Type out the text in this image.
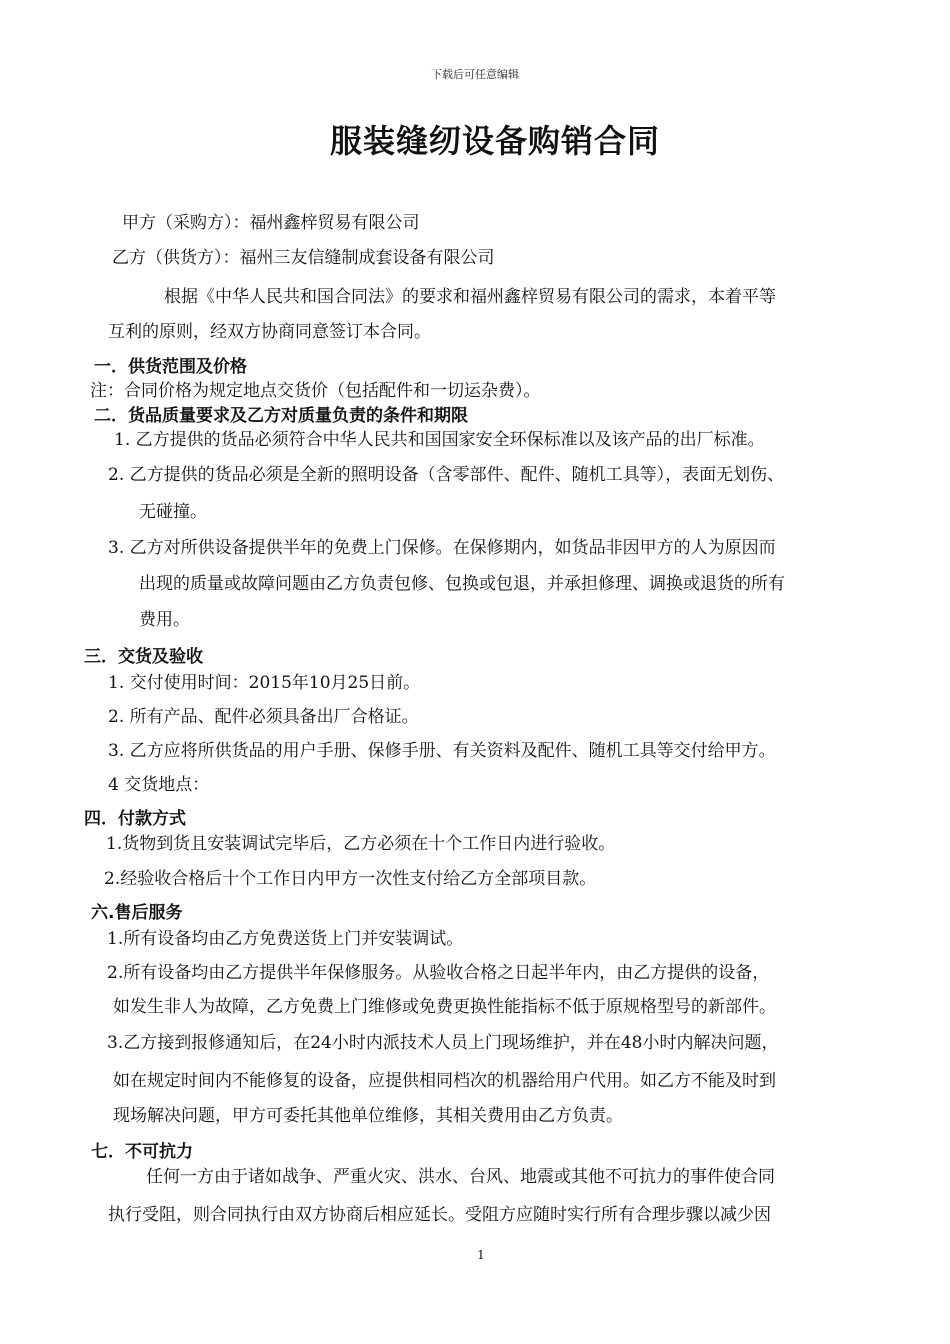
下载后可任意编辑
服装缝纫设备购销合同
甲方（采购方）：福州鑫梓贸易有限公司
乙方（供货方）：福州三友信缝制成套设备有限公司
根据《中华人民共和国合同法》的要求和福州鑫梓贸易有限公司的需求，本着平等
互利的原则，经双方协商同意签订本合同。
一．供货范围及价格
注：合同价格为规定地点交货价（包括配件和一切运杂费）。
二．货品质量要求及乙方对质量负责的条件和期限
1. 乙方提供的货品必须符合中华人民共和国国家安全环保标准以及该产品的出厂标准。
2. 乙方提供的货品必须是全新的照明设备（含零部件、配件、随机工具等），表面无划伤、
无碰撞。
3. 乙方对所供设备提供半年的免费上门保修。在保修期内，如货品非因甲方的人为原因而
出现的质量或故障问题由乙方负责包修、包换或包退，并承担修理、调换或退货的所有
费用。
三．交货及验收
1. 交付使用时间：2015年10月25日前。
2. 所有产品、配件必须具备出厂合格证。
3. 乙方应将所供货品的用户手册、保修手册、有关资料及配件、随机工具等交付给甲方。
4 交货地点：
四．付款方式
1.货物到货且安装调试完毕后，乙方必须在十个工作日内进行验收。
2.经验收合格后十个工作日内甲方一次性支付给乙方全部项目款。
六.售后服务
1.所有设备均由乙方免费送货上门并安装调试。
2.所有设备均由乙方提供半年保修服务。从验收合格之日起半年内，由乙方提供的设备，
如发生非人为故障，乙方免费上门维修或免费更换性能指标不低于原规格型号的新部件。
3.乙方接到报修通知后，在24小时内派技术人员上门现场维护，并在48小时内解决问题，
如在规定时间内不能修复的设备，应提供相同档次的机器给用户代用。如乙方不能及时到
现场解决问题，甲方可委托其他单位维修，其相关费用由乙方负责。
七．不可抗力
任何一方由于诸如战争、严重火灾、洪水、台风、地震或其他不可抗力的事件使合同
执行受阻，则合同执行由双方协商后相应延长。受阻方应随时实行所有合理步骤以减少因
1
